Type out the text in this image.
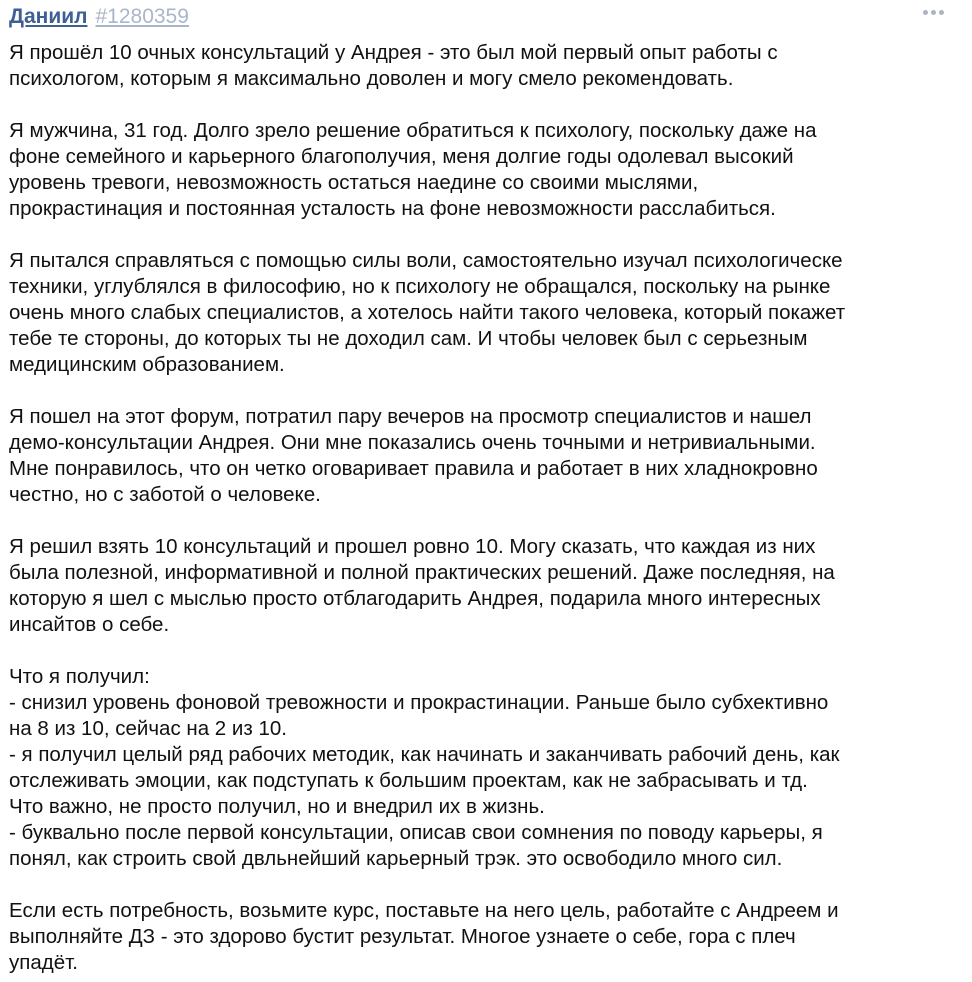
Даниил #1280359

Я прошёл 10 очных консультаций у Андрея - это был мой первый опыт работы с
психологом, которым я максимально доволен и могу смело рекомендовать.

Я мужчина, 31 год. Долго зрело решение обратиться к психологу, поскольку даже на
фоне семейного и карьерного благополучия, меня долгие годы одолевал высокий
уровень тревоги, невозможность остаться наедине со своими мыслями,
прокрастинация и постоянная усталость на фоне невозможности расслабиться.

Я пытался справляться с помощью силы воли, самостоятельно изучал психологическе
техники, углублялся в философию, но к психологу не обращался, поскольку на рынке
очень много слабых специалистов, а хотелось найти такого человека, который покажет
тебе те стороны, до которых ты не доходил сам. И чтобы человек был с серьезным
медицинским образованием.

Я пошел на этот форум, потратил пару вечеров на просмотр специалистов и нашел
демо-консультации Андрея. Они мне показались очень точными и нетривиальными.
Мне понравилось, что он четко оговаривает правила и работает в них хладнокровно
честно, но с заботой о человеке.

Я решил взять 10 консультаций и прошел ровно 10. Могу сказать, что каждая из них
была полезной, информативной и полной практических решений. Даже последняя, на
которую я шел с мыслью просто отблагодарить Андрея, подарила много интересных
инсайтов о себе.

Что я получил:
- снизил уровень фоновой тревожности и прокрастинации. Раньше было субхективно
на 8 из 10, сейчас на 2 из 10.
- я получил целый ряд рабочих методик, как начинать и заканчивать рабочий день, как
отслеживать эмоции, как подступать к большим проектам, как не забрасывать и тд.
Что важно, не просто получил, но и внедрил их в жизнь.
- буквально после первой консультации, описав свои сомнения по поводу карьеры, я
понял, как строить свой двльнейший карьерный трэк. это освободило много сил.

Если есть потребность, возьмите курс, поставьте на него цель, работайте с Андреем и
выполняйте ДЗ - это здорово бустит результат. Многое узнаете о себе, гора с плеч
упадёт.
